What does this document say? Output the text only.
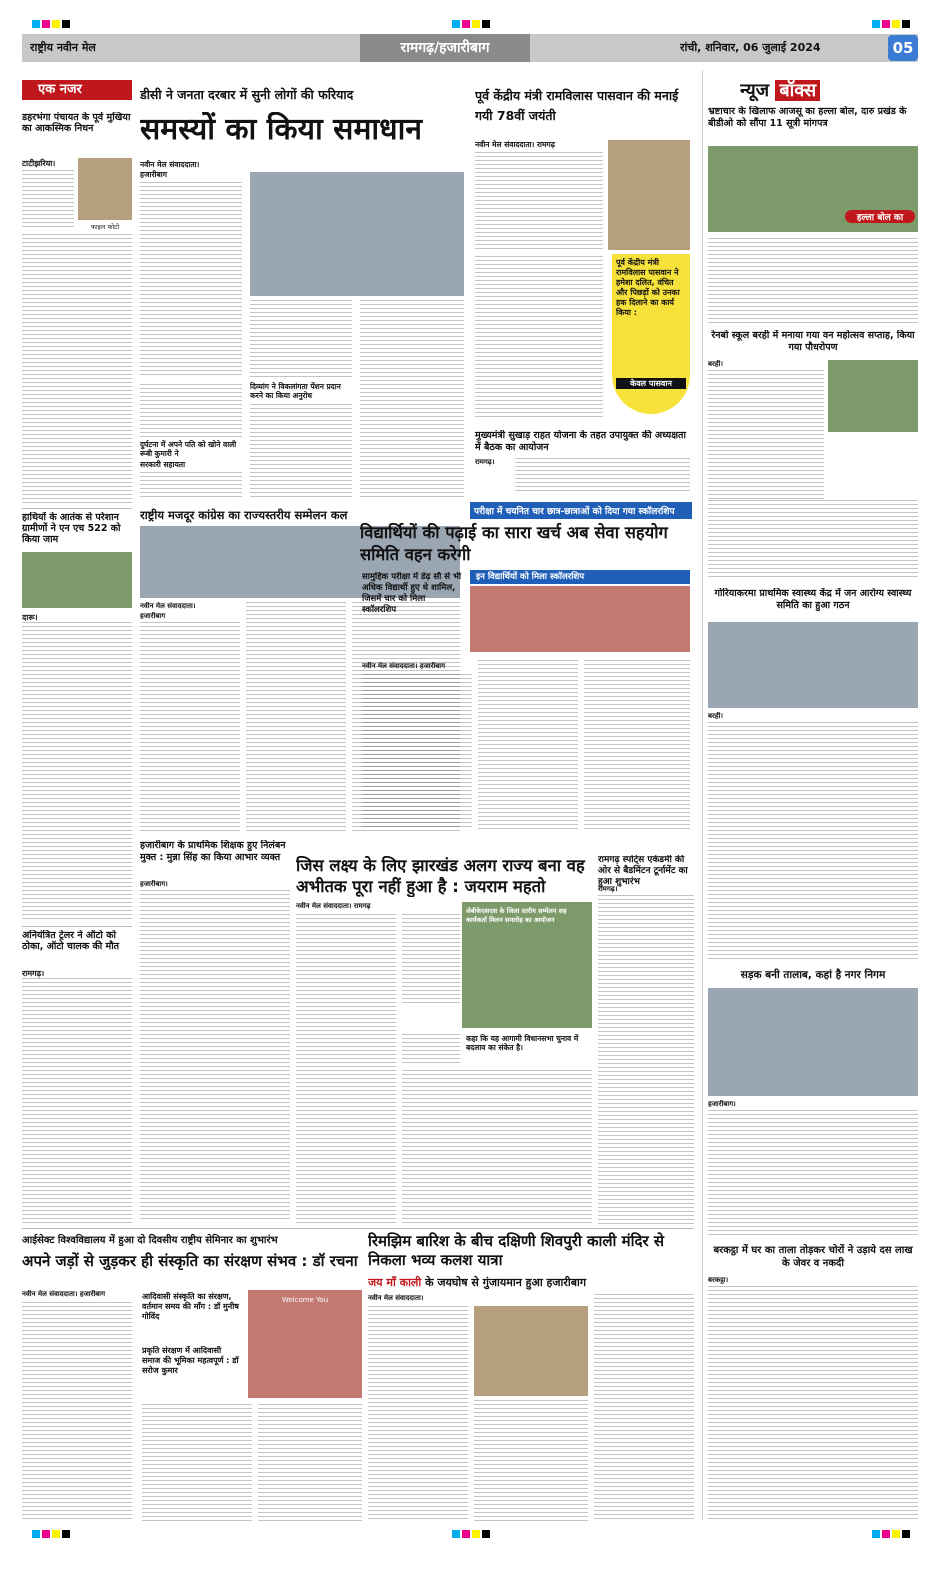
राष्ट्रीय नवीन मेल	रामगढ़/हजारीबाग	रांची, शनिवार, 06 जुलाई 2024	05
एक नजर
डहरभंगा पंचायत के पूर्व मुखिया का आकस्मिक निधन
टाटीझरिया।
फाइल फोटो
हाथियों के आतंक से परेशान ग्रामीणों ने एन एच 522 को किया जाम
दारू।
अनियंत्रित ट्रेलर ने ऑटो को ठोका, ऑटो चालक की मौत
रामगढ़।
डीसी ने जनता दरबार में सुनी लोगों की फरियाद
समस्यों का किया समाधान
नवीन मेल संवाददाता।
हजारीबाग
दुर्घटना में अपने पति को खोने वाली रूबी कुमारी ने
सरकारी सहायता
दिव्यांग ने विकलांगता पेंशन प्रदान करने का किया अनुरोध
पूर्व केंद्रीय मंत्री रामविलास पासवान की मनाई गयी 78वीं जयंती
नवीन मेल संवाददाता। रामगढ़
पूर्व केंद्रीय मंत्री रामविलास पासवान ने हमेशा दलित, वंचित और पिछड़ों को उनका हक दिलाने का कार्य किया :
केवल पासवान
मुख्यमंत्री सुखाड़ राहत योजना के तहत उपायुक्त की अध्यक्षता में बैठक का आयोजन
रामगढ़।
राष्ट्रीय मजदूर कांग्रेस का राज्यस्तरीय सम्मेलन कल
नवीन मेल संवाददाता।
हजारीबाग
परीक्षा में चयनित चार छात्र-छात्राओं को दिया गया स्कॉलरशिप
विद्यार्थियों की पढ़ाई का सारा खर्च अब सेवा सहयोग समिति वहन करेगी
सामुहिक परीक्षा में डेढ़ सौ से भी अधिक विद्यार्थी हुए थे शामिल, जिसमें चार को मिला स्कॉलरशिप
इन विद्यार्थियों को मिला स्कॉलरशिप
नवीन मेल संवाददाता। हजारीबाग
हजारीबाग के प्राथमिक शिक्षक हुए निलंबन मुक्त : मुन्ना सिंह का किया आभार व्यक्त
हजारीबाग।
जिस लक्ष्य के लिए झारखंड अलग राज्य बना वह अभीतक पूरा नहीं हुआ है : जयराम महतो
नवीन मेल संवाददाता। रामगढ़
जेबीकेएसएस के जिला स्तरीय सम्मेलन सह कार्यकर्ता मिलन समारोह का आयोजन
कहा कि यह आगामी विधानसभा चुनाव में बदलाव का संकेत है।
रामगढ़ स्पोर्ट्स एकेडमी की ओर से बैडमिंटन टूर्नामेंट का हुआ शुभारंभ
रामगढ़।
आईसेक्ट विश्वविद्यालय में हुआ दो दिवसीय राष्ट्रीय सेमिनार का शुभारंभ
अपने जड़ों से जुड़कर ही संस्कृति का संरक्षण संभव : डॉ रचना
नवीन मेल संवाददाता। हजारीबाग	आदिवासी संस्कृति का संरक्षण, वर्तमान समय की माँग : डॉ मुनीष गोविंद
प्रकृति संरक्षण में आदिवासी समाज की भूमिका महत्वपूर्ण : डॉ सरोज कुमार
Welcome You
रिमझिम बारिश के बीच दक्षिणी शिवपुरी काली मंदिर से निकला भव्य कलश यात्रा
जय माँ काली के जयघोष से गुंजायमान हुआ हजारीबाग
नवीन मेल संवाददाता।
न्यूज बॉक्स
भ्रष्टाचार के खिलाफ आजसू का हल्ला बोल, दारु प्रखंड के बीडीओ को सौंपा 11 सूत्री मांगपत्र
हल्ला बोल का
रेनबो स्कूल बरही में मनाया गया वन महोत्सव सप्ताह, किया गया पौधरोपण
बरही।
गोरियाकरमा प्राथमिक स्वास्थ्य केंद्र में जन आरोग्य स्वास्थ्य समिति का हुआ गठन
बरही।
सड़क बनी तालाब, कहां है नगर निगम
हजारीबाग।
बरकट्ठा में घर का ताला तोड़कर चोरों ने उड़ाये दस लाख के जेवर व नकदी
बरकट्ठा।
